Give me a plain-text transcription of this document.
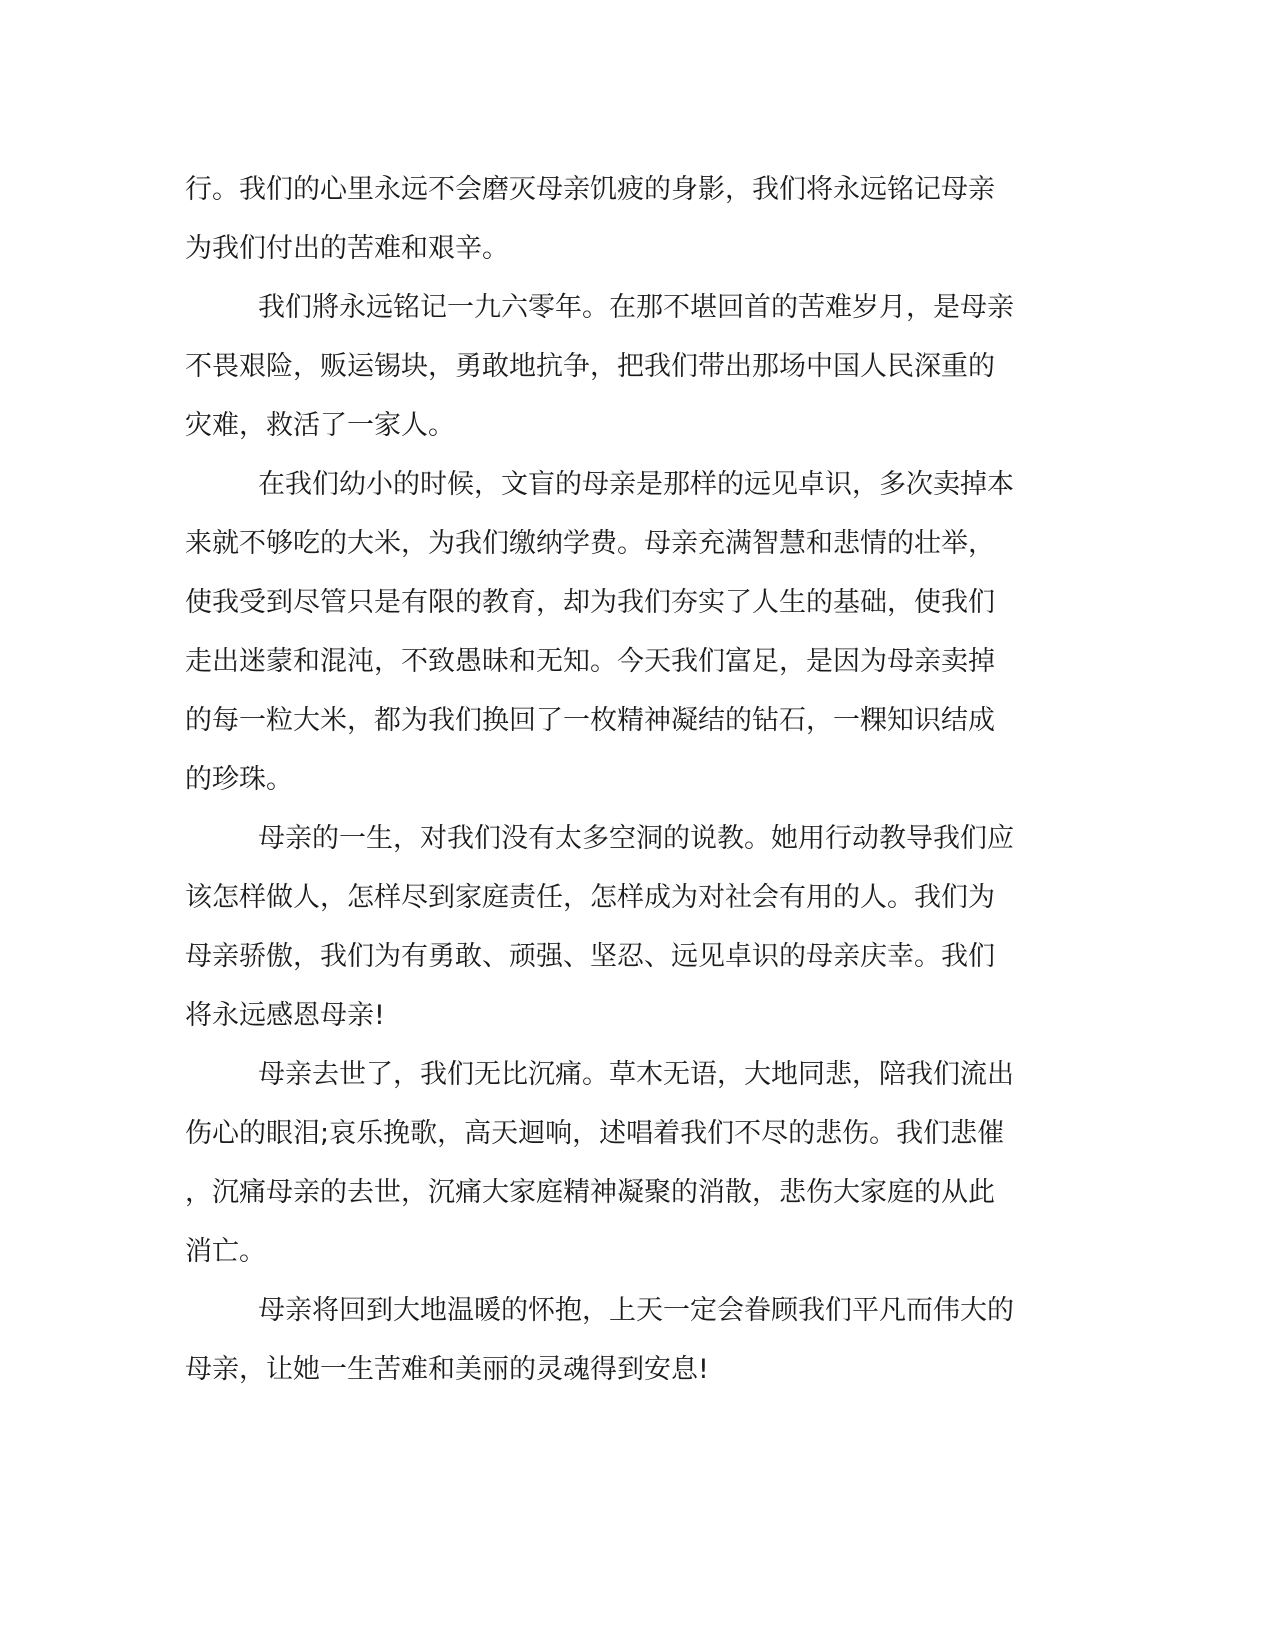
行。我们的心里永远不会磨灭母亲饥疲的身影，我们将永远铭记母亲
为我们付出的苦难和艰辛。
我们將永远铭记一九六零年。在那不堪回首的苦难岁月，是母亲
不畏艰险，贩运锡块，勇敢地抗争，把我们带出那场中国人民深重的
灾难，救活了一家人。
在我们幼小的时候，文盲的母亲是那样的远见卓识，多次卖掉本
来就不够吃的大米，为我们缴纳学费。母亲充满智慧和悲情的壮举，
使我受到尽管只是有限的教育，却为我们夯实了人生的基础，使我们
走出迷蒙和混沌，不致愚昧和无知。今天我们富足，是因为母亲卖掉
的每一粒大米，都为我们换回了一枚精神凝结的钻石，一粿知识结成
的珍珠。
母亲的一生，对我们没有太多空洞的说教。她用行动教导我们应
该怎样做人，怎样尽到家庭责任，怎样成为对社会有用的人。我们为
母亲骄傲，我们为有勇敢、顽强、坚忍、远见卓识的母亲庆幸。我们
将永远感恩母亲!
母亲去世了，我们无比沉痛。草木无语，大地同悲，陪我们流出
伤心的眼泪;哀乐挽歌，高天迴响，述唱着我们不尽的悲伤。我们悲催
，沉痛母亲的去世，沉痛大家庭精神凝聚的消散，悲伤大家庭的从此
消亡。
母亲将回到大地温暖的怀抱，上天一定会眷顾我们平凡而伟大的
母亲，让她一生苦难和美丽的灵魂得到安息!
